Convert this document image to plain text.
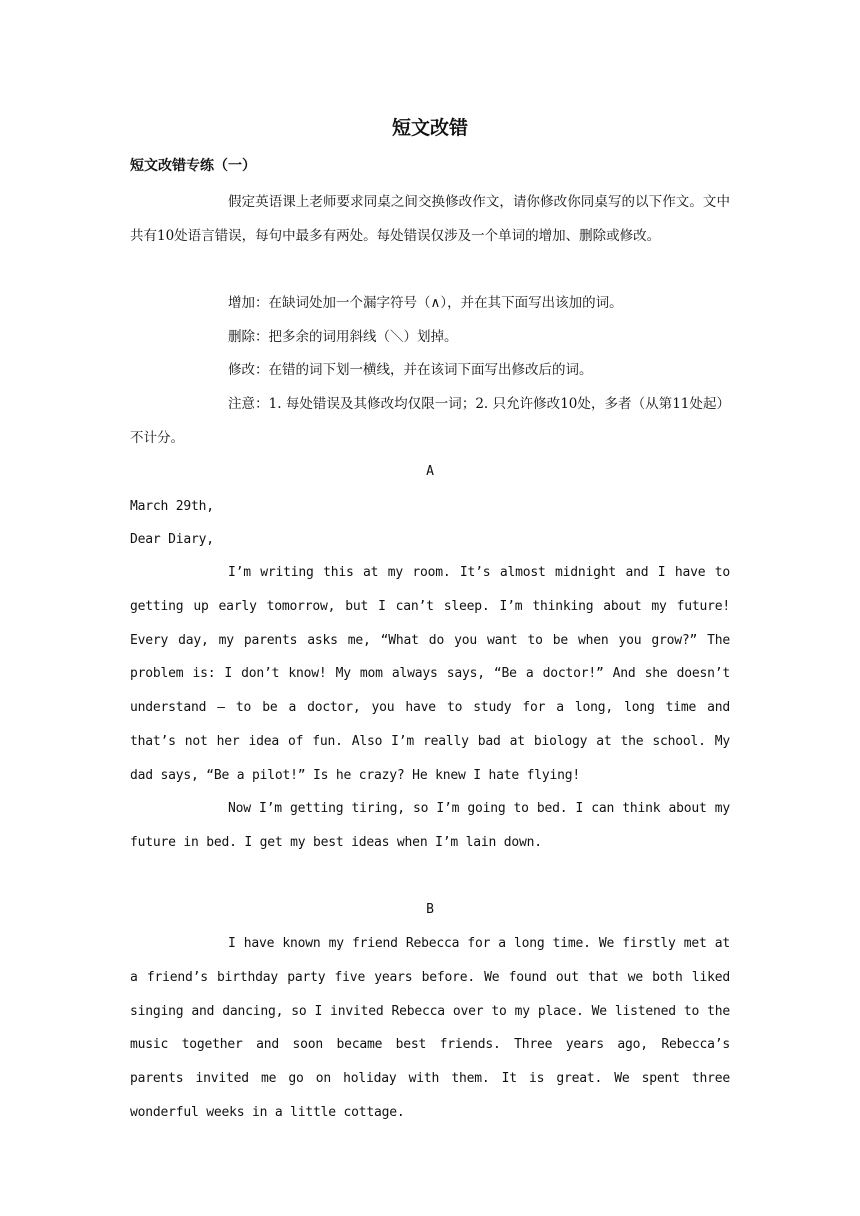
短文改错
短文改错专练（一）
假定英语课上老师要求同桌之间交换修改作文，请你修改你同桌写的以下作文。文中共有10处语言错误，每句中最多有两处。每处错误仅涉及一个单词的增加、删除或修改。
增加：在缺词处加一个漏字符号（∧），并在其下面写出该加的词。
删除：把多余的词用斜线（＼）划掉。
修改：在错的词下划一横线，并在该词下面写出修改后的词。
注意：1. 每处错误及其修改均仅限一词；2. 只允许修改10处，多者（从第11处起）不计分。
A
March 29th,
Dear Diary,
I’m writing this at my room. It’s almost midnight and I have to getting up early tomorrow, but I can’t sleep. I’m thinking about my future! Every day, my parents asks me, “What do you want to be when you grow?” The problem is: I don’t know! My mom always says, “Be a doctor!” And she doesn’t understand — to be a doctor, you have to study for a long, long time and that’s not her idea of fun. Also I’m really bad at biology at the school. My dad says, “Be a pilot!” Is he crazy? He knew I hate flying!
Now I’m getting tiring, so I’m going to bed. I can think about my future in bed. I get my best ideas when I’m lain down.
B
I have known my friend Rebecca for a long time. We firstly met at a friend’s birthday party five years before. We found out that we both liked singing and dancing, so I invited Rebecca over to my place. We listened to the music together and soon became best friends. Three years ago, Rebecca’s parents invited me go on holiday with them. It is great. We spent three wonderful weeks in a little cottage.
